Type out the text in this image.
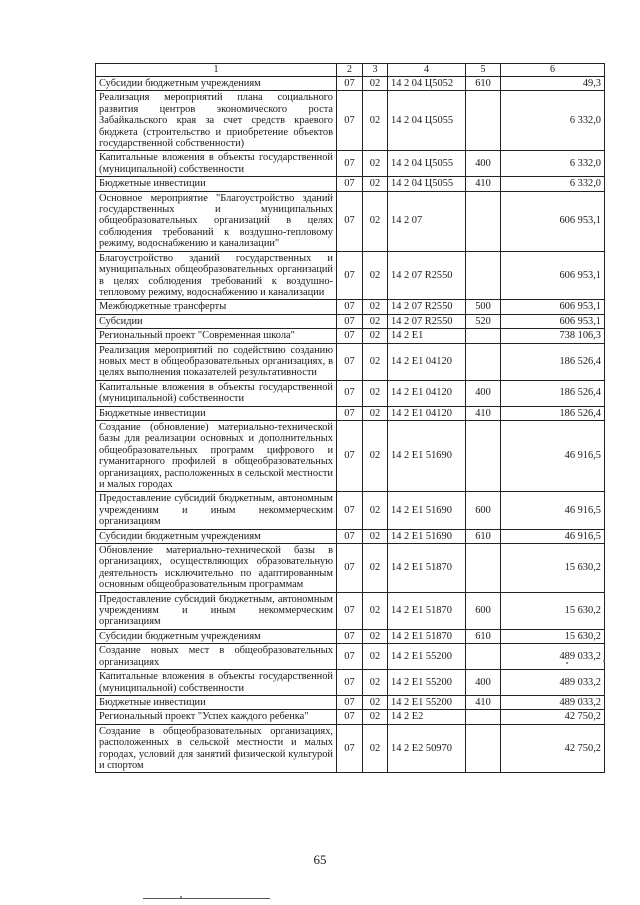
1	2	3	4	5	6

Субсидии бюджетным учреждениям	07	02	14 2 04 Ц5052	610	49,3

Реализация мероприятий плана социального развития центров экономического роста Забайкальского края за счет средств краевого бюджета (строительство и приобретение объектов государственной собственности)	07	02	14 2 04 Ц5055		6 332,0

Капитальные вложения в объекты государственной (муниципальной) собственности	07	02	14 2 04 Ц5055	400	6 332,0

Бюджетные инвестиции	07	02	14 2 04 Ц5055	410	6 332,0

Основное мероприятие "Благоустройство зданий государственных и муниципальных общеобразовательных организаций в целях соблюдения требований к воздушно-тепловому режиму, водоснабжению и канализации"	07	02	14 2 07		606 953,1

Благоустройство зданий государственных и муниципальных общеобразовательных организаций в целях соблюдения требований к воздушно-тепловому режиму, водоснабжению и канализации	07	02	14 2 07 R2550		606 953,1

Межбюджетные трансферты	07	02	14 2 07 R2550	500	606 953,1

Субсидии	07	02	14 2 07 R2550	520	606 953,1

Региональный проект "Современная школа"	07	02	14 2 E1		738 106,3

Реализация мероприятий по содействию созданию новых мест в общеобразовательных организациях, в целях выполнения показателей результативности	07	02	14 2 E1 04120		186 526,4

Капитальные вложения в объекты государственной (муниципальной) собственности	07	02	14 2 E1 04120	400	186 526,4

Бюджетные инвестиции	07	02	14 2 E1 04120	410	186 526,4

Создание (обновление) материально-технической базы для реализации основных и дополнительных общеобразовательных программ цифрового и гуманитарного профилей в общеобразовательных организациях, расположенных в сельской местности и малых городах	07	02	14 2 E1 51690		46 916,5

Предоставление субсидий бюджетным, автономным учреждениям и иным некоммерческим организациям	07	02	14 2 E1 51690	600	46 916,5

Субсидии бюджетным учреждениям	07	02	14 2 E1 51690	610	46 916,5

Обновление материально-технической базы в организациях, осуществляющих образовательную деятельность исключительно по адаптированным основным общеобразовательным программам	07	02	14 2 E1 51870		15 630,2

Предоставление субсидий бюджетным, автономным учреждениям и иным некоммерческим организациям	07	02	14 2 E1 51870	600	15 630,2

Субсидии бюджетным учреждениям	07	02	14 2 E1 51870	610	15 630,2

Создание новых мест в общеобразовательных организациях	07	02	14 2 E1 55200		489 033,2

Капитальные вложения в объекты государственной (муниципальной) собственности	07	02	14 2 E1 55200	400	489 033,2

Бюджетные инвестиции	07	02	14 2 E1 55200	410	489 033,2

Региональный проект "Успех каждого ребенка"	07	02	14 2 E2		42 750,2

Создание в общеобразовательных организациях, расположенных в сельской местности и малых городах, условий для занятий физической культурой и спортом	07	02	14 2 E2 50970		42 750,2
65
